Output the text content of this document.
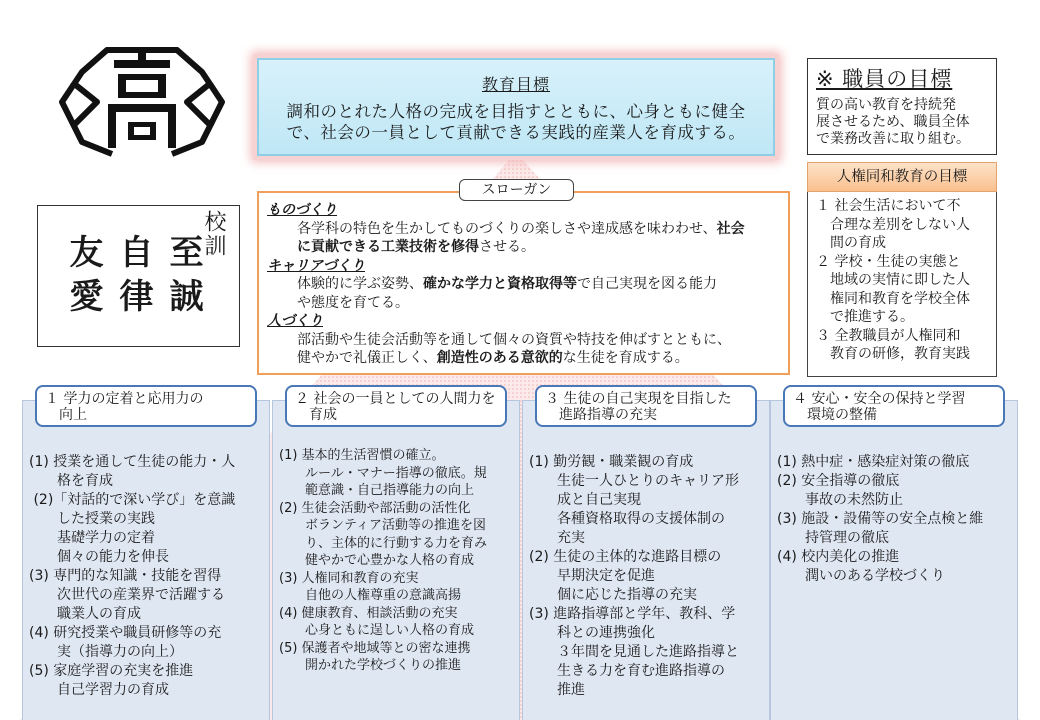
教育目標
調和のとれた人格の完成を目指すとともに、心身ともに健全
で、社会の一員として貢献できる実践的産業人を育成する。
※ 職員の目標
質の高い教育を持続発
展させるため、職員全体
で業務改善に取り組む。
校訓
至誠
自律
友愛
スローガン
ものづくり
各学科の特色を生かしてものづくりの楽しさや達成感を味わわせ、社会
に貢献できる工業技術を修得させる。
キャリアづくり
体験的に学ぶ姿勢、確かな学力と資格取得等で自己実現を図る能力
や態度を育てる。
人づくり
部活動や生徒会活動等を通して個々の資質や特技を伸ばすとともに、
健やかで礼儀正しく、創造性のある意欲的な生徒を育成する。
人権同和教育の目標
１ 社会生活において不
　合理な差別をしない人
　間の育成
２ 学校・生徒の実態と
　地域の実情に即した人
　権同和教育を学校全体
　で推進する。
３ 全教職員が人権同和
　教育の研修，教育実践
１ 学力の定着と応用力の
　向上
(1) 授業を通して生徒の能力・人
　　格を育成
(2)「対話的で深い学び」を意識
　　した授業の実践
　　基礎学力の定着
　　個々の能力を伸長
(3) 専門的な知識・技能を習得
　　次世代の産業界で活躍する
　　職業人の育成
(4) 研究授業や職員研修等の充
　　実（指導力の向上）
(5) 家庭学習の充実を推進
　　自己学習力の育成
２ 社会の一員としての人間力を
　育成
(1) 基本的生活習慣の確立。
　　ルール・マナー指導の徹底。規
　　範意識・自己指導能力の向上
(2) 生徒会活動や部活動の活性化
　　ボランティア活動等の推進を図
　　り、主体的に行動する力を育み
　　健やかで心豊かな人格の育成
(3) 人権同和教育の充実
　　自他の人権尊重の意識高揚
(4) 健康教育、相談活動の充実
　　心身ともに逞しい人格の育成
(5) 保護者や地域等との密な連携
　　開かれた学校づくりの推進
３ 生徒の自己実現を目指した
　進路指導の充実
(1) 勤労観・職業観の育成
　　生徒一人ひとりのキャリア形
　　成と自己実現
　　各種資格取得の支援体制の
　　充実
(2) 生徒の主体的な進路目標の
　　早期決定を促進
　　個に応じた指導の充実
(3) 進路指導部と学年、教科、学
　　科との連携強化
　　３年間を見通した進路指導と
　　生きる力を育む進路指導の
　　推進
４ 安心・安全の保持と学習
　環境の整備
(1) 熱中症・感染症対策の徹底
(2) 安全指導の徹底
　　事故の未然防止
(3) 施設・設備等の安全点検と維
　　持管理の徹底
(4) 校内美化の推進
　　潤いのある学校づくり
